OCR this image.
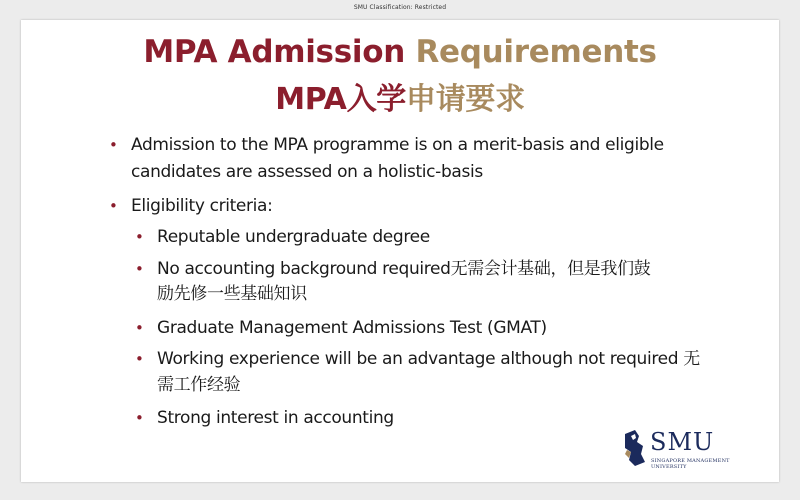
SMU Classification: Restricted
MPA Admission Requirements
MPA入学申请要求
• Admission to the MPA programme is on a merit-basis and eligible
candidates are assessed on a holistic-basis
• Eligibility criteria:
• Reputable undergraduate degree
• No accounting background required无需会计基础，但是我们鼓
励先修一些基础知识
• Graduate Management Admissions Test (GMAT)
• Working experience will be an advantage although not required 无
需工作经验
• Strong interest in accounting
SMU
SINGAPORE MANAGEMENT
UNIVERSITY
